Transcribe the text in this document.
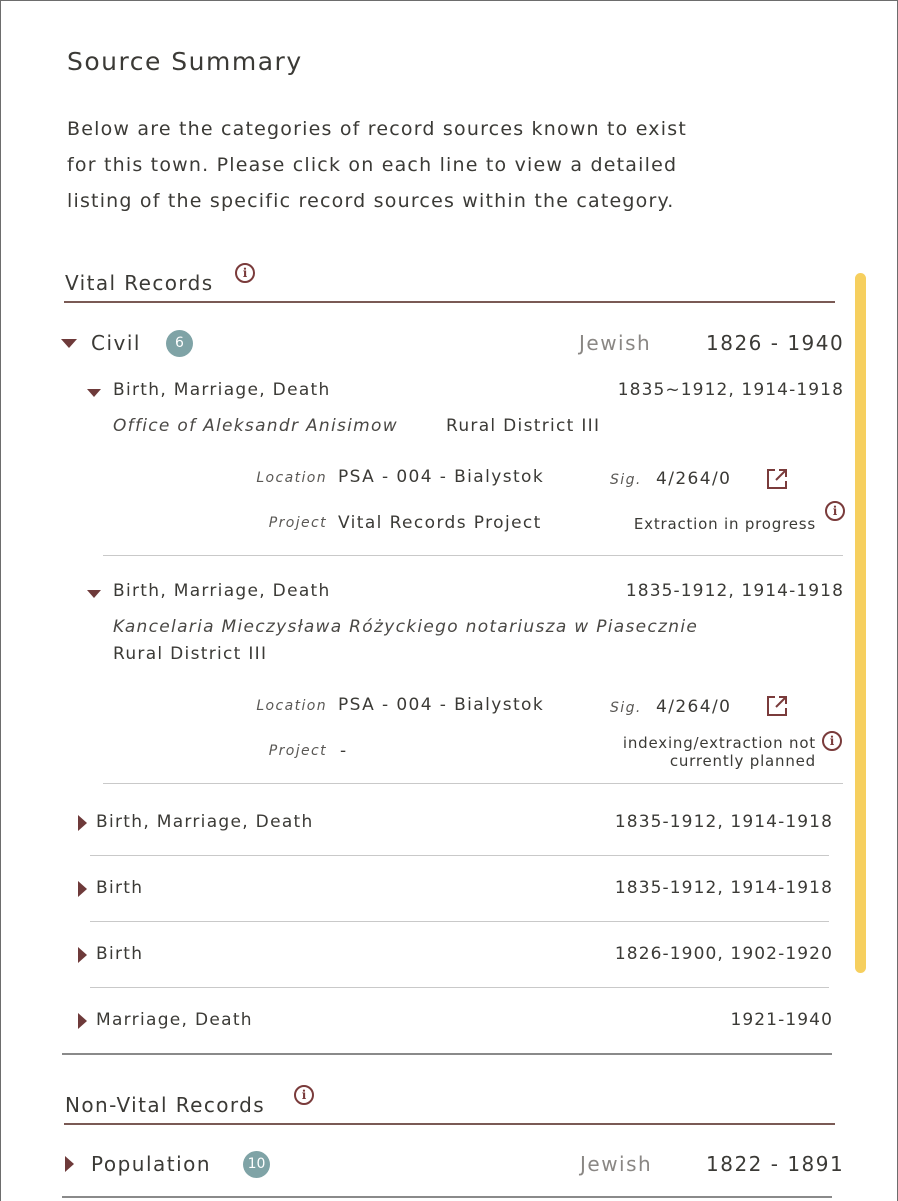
Source Summary
Below are the categories of record sources known to exist
for this town. Please click on each line to view a detailed
listing of the specific record sources within the category.
Vital Records	i
Civil	6	Jewish	1826 - 1940
Birth, Marriage, Death	1835~1912, 1914-1918
Office of Aleksandr Anisimow	Rural District III
Location PSA - 004 - Bialystok	Sig. 4/264/0
Project Vital Records Project	Extraction in progress
i
Birth, Marriage, Death	1835-1912, 1914-1918
Kancelaria Mieczysława Różyckiego notariusza w Piasecznie
Rural District III
Location PSA - 004 - Bialystok	Sig. 4/264/0
Project -	indexing/extraction not
currently planned
i
Birth, Marriage, Death	1835-1912, 1914-1918
Birth	1835-1912, 1914-1918
Birth	1826-1900, 1902-1920
Marriage, Death	1921-1940
Non-Vital Records	i
Population	10	Jewish	1822 - 1891
